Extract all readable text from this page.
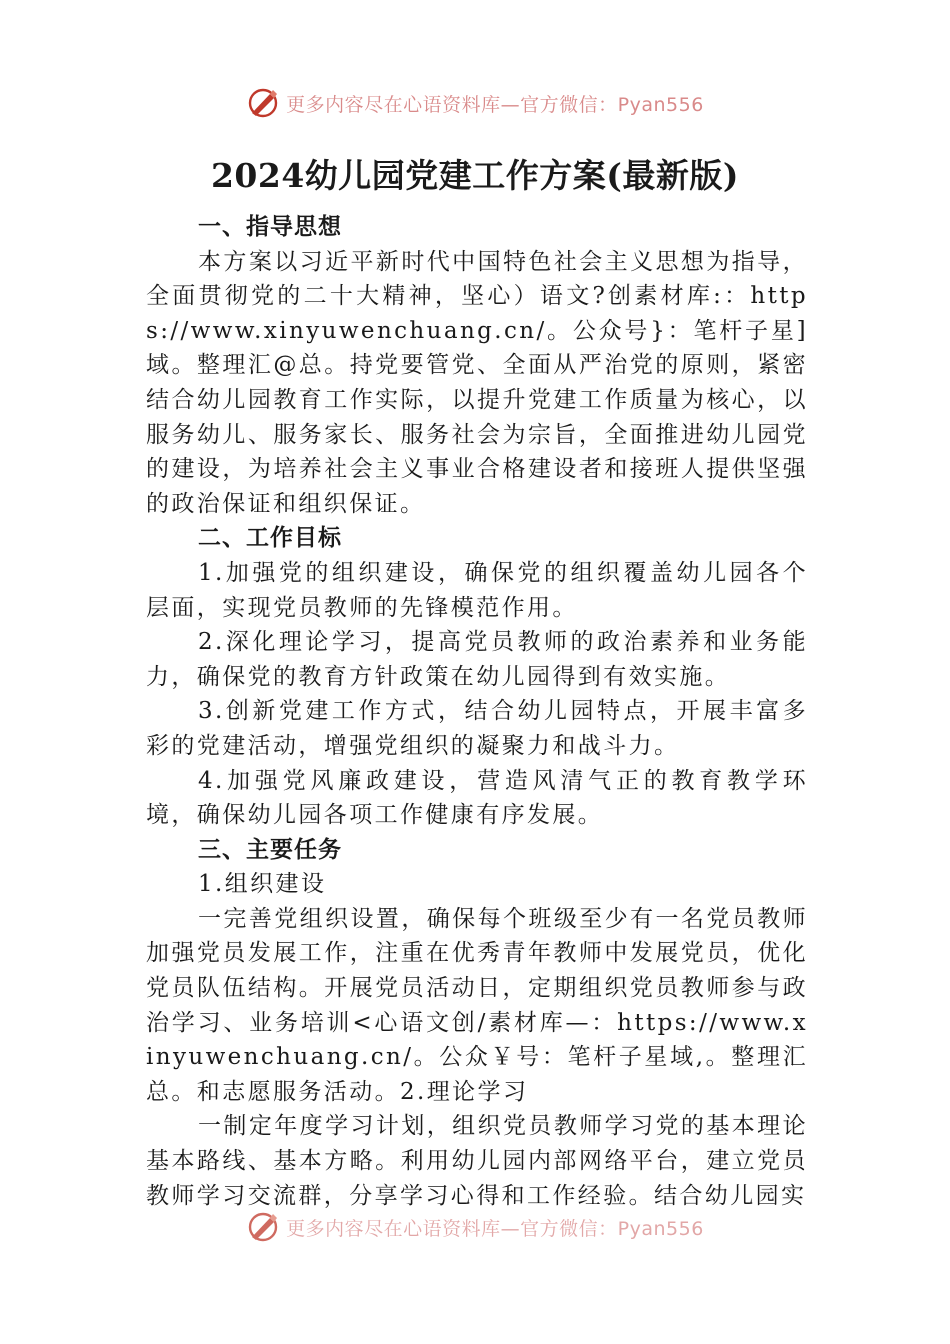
更多内容尽在心语资料库—官方微信：Pyan556
2024幼儿园党建工作方案(最新版)
一、指导思想

本方案以习近平新时代中国特色社会主义思想为指导，全面贯彻党的二十大精神，坚心）语文?创素材库:：https://www.xinyuwenchuang.cn/。公众号}：笔杆子星]域。整理汇@总。持党要管党、全面从严治党的原则，紧密结合幼儿园教育工作实际，以提升党建工作质量为核心，以服务幼儿、服务家长、服务社会为宗旨，全面推进幼儿园党的建设，为培养社会主义事业合格建设者和接班人提供坚强的政治保证和组织保证。

二、工作目标

1.加强党的组织建设，确保党的组织覆盖幼儿园各个层面，实现党员教师的先锋模范作用。

2.深化理论学习，提高党员教师的政治素养和业务能力，确保党的教育方针政策在幼儿园得到有效实施。

3.创新党建工作方式，结合幼儿园特点，开展丰富多彩的党建活动，增强党组织的凝聚力和战斗力。

4.加强党风廉政建设，营造风清气正的教育教学环境，确保幼儿园各项工作健康有序发展。

三、主要任务

1.组织建设

一完善党组织设置，确保每个班级至少有一名党员教师加强党员发展工作，注重在优秀青年教师中发展党员，优化党员队伍结构。开展党员活动日，定期组织党员教师参与政治学习、业务培训<心语文创/素材库—：https://www.xinyuwenchuang.cn/。公众￥号：笔杆子星域,。整理汇总。和志愿服务活动。2.理论学习

一制定年度学习计划，组织党员教师学习党的基本理论基本路线、基本方略。利用幼儿园内部网络平台，建立党员教师学习交流群，分享学习心得和工作经验。结合幼儿园实

更多内容尽在心语资料库—官方微信：Pyan556
